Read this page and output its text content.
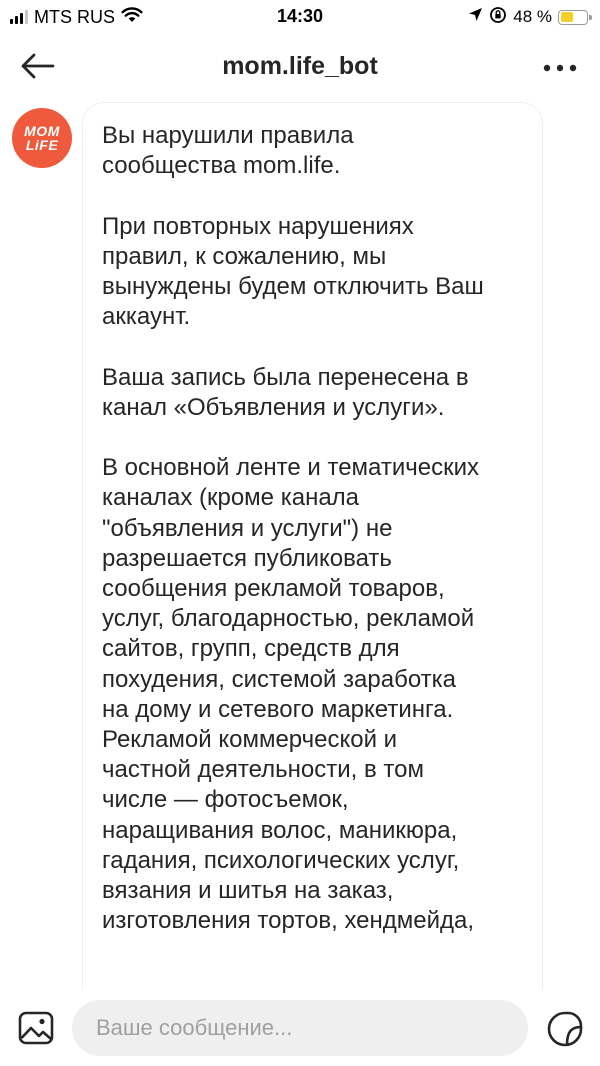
MTS RUS	14:30	48 %
mom.life_bot
Вы нарушили правила
сообщества mom.life.

При повторных нарушениях
правил, к сожалению, мы
вынуждены будем отключить Ваш
аккаунт.

Ваша запись была перенесена в
канал «Объявления и услуги».

В основной ленте и тематических
каналах (кроме канала
"объявления и услуги") не
разрешается публиковать
сообщения рекламой товаров,
услуг, благодарностью, рекламой
сайтов, групп, средств для
похудения, системой заработка
на дому и сетевого маркетинга.
Рекламой коммерческой и
частной деятельности, в том
числе — фотосъемок,
наращивания волос, маникюра,
гадания, психологических услуг,
вязания и шитья на заказ,
изготовления тортов, хендмейда,
MOM
LiFE
Ваше сообщение...
